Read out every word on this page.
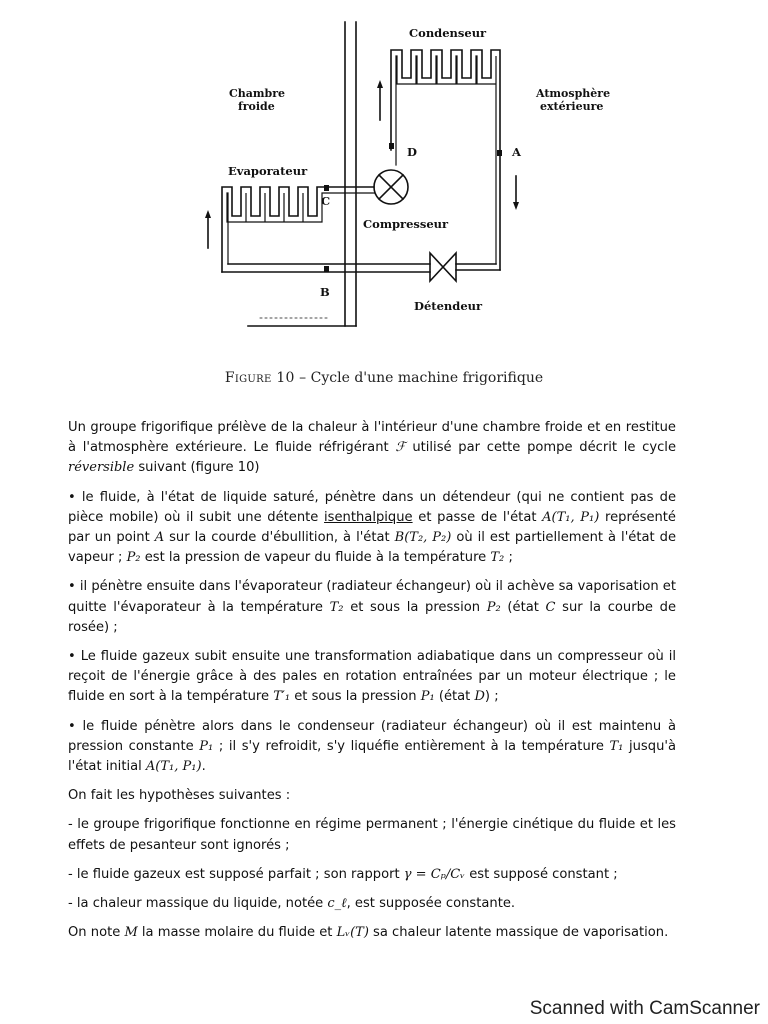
Condenseur
Chambre
froide
Atmosphère
extérieure
Evaporateur
Compresseur
Détendeur
D	A
C
B
Figure 10 – Cycle d'une machine frigorifique

Un groupe frigorifique prélève de la chaleur à l'intérieur d'une chambre froide et en restitue à l'atmosphère extérieure. Le fluide réfrigérant ℱ utilisé par cette pompe décrit le cycle réversible suivant (figure 10)

• le fluide, à l'état de liquide saturé, pénètre dans un détendeur (qui ne contient pas de pièce mobile) où il subit une détente isenthalpique et passe de l'état A(T₁, P₁) représenté par un point A sur la courde d'ébullition, à l'état B(T₂, P₂) où il est partiellement à l'état de vapeur ; P₂ est la pression de vapeur du fluide à la température T₂ ;

• il pénètre ensuite dans l'évaporateur (radiateur échangeur) où il achève sa vaporisation et quitte l'évaporateur à la température T₂ et sous la pression P₂ (état C sur la courbe de rosée) ;

• Le fluide gazeux subit ensuite une transformation adiabatique dans un compresseur où il reçoit de l'énergie grâce à des pales en rotation entraînées par un moteur électrique ; le fluide en sort à la température T′₁ et sous la pression P₁ (état D) ;

• le fluide pénètre alors dans le condenseur (radiateur échangeur) où il est maintenu à pression constante P₁ ; il s'y refroidit, s'y liquéfie entièrement à la température T₁ jusqu'à l'état initial A(T₁, P₁).

On fait les hypothèses suivantes :

- le groupe frigorifique fonctionne en régime permanent ; l'énergie cinétique du fluide et les effets de pesanteur sont ignorés ;

- le fluide gazeux est supposé parfait ; son rapport γ = Cₚ/Cᵥ est supposé constant ;

- la chaleur massique du liquide, notée c_ℓ, est supposée constante.

On note M la masse molaire du fluide et Lᵥ(T) sa chaleur latente massique de vaporisation.

Scanned with CamScanner
